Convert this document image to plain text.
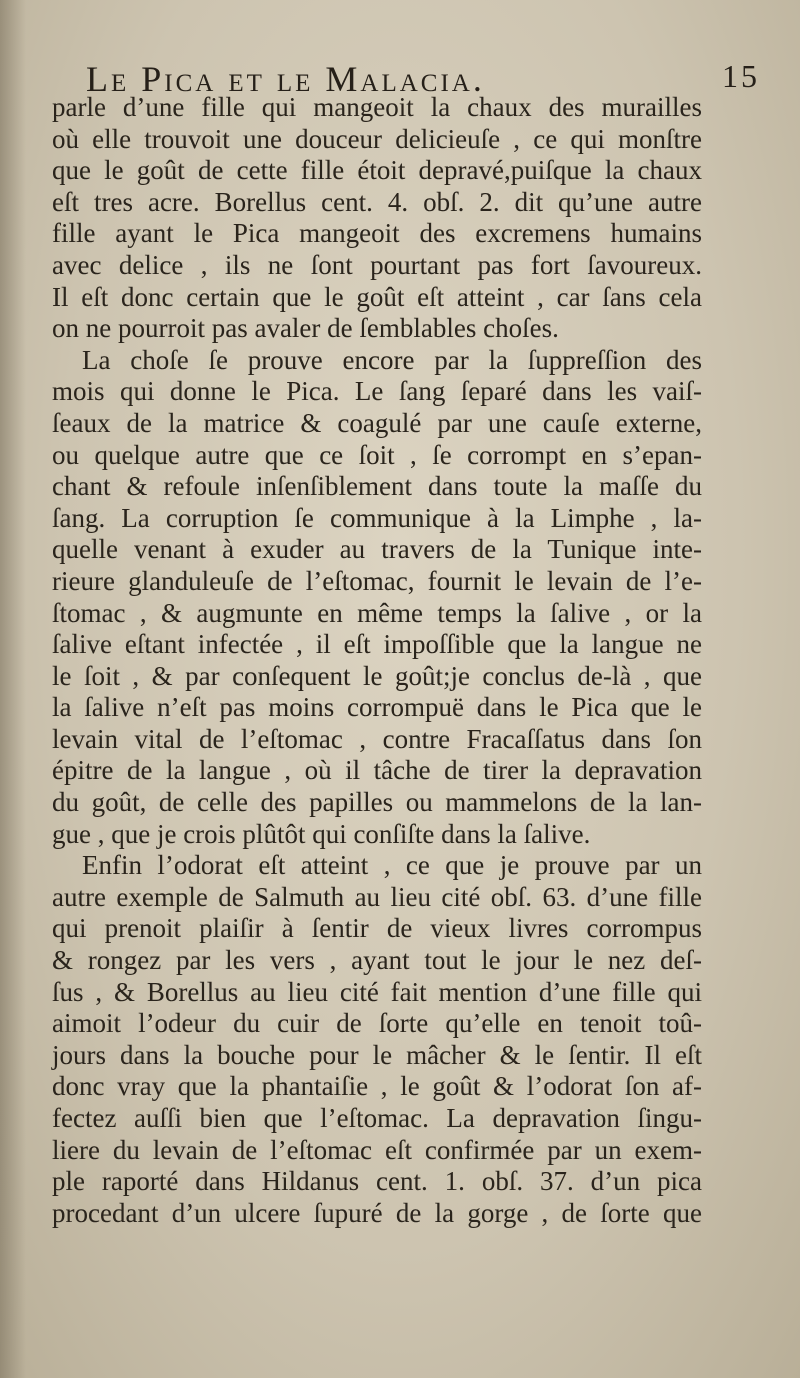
Le Pica et le Malacia.	15
parle d’une fille qui mangeoit la chaux des murailles
où elle trouvoit une douceur delicieuſe , ce qui monſtre
que le goût de cette fille étoit depravé,puiſque la chaux
eſt tres acre. Borellus cent. 4. obſ. 2. dit qu’une autre
fille ayant le Pica mangeoit des excremens humains
avec delice , ils ne ſont pourtant pas fort ſavoureux.
Il eſt donc certain que le goût eſt atteint , car ſans cela
on ne pourroit pas avaler de ſemblables choſes.
La choſe ſe prouve encore par la ſuppreſſion des
mois qui donne le Pica. Le ſang ſeparé dans les vaiſ-
ſeaux de la matrice & coagulé par une cauſe externe,
ou quelque autre que ce ſoit , ſe corrompt en s’epan-
chant & refoule inſenſiblement dans toute la maſſe du
ſang. La corruption ſe communique à la Limphe , la-
quelle venant à exuder au travers de la Tunique inte-
rieure glanduleuſe de l’eſtomac, fournit le levain de l’e-
ſtomac , & augmunte en même temps la ſalive , or la
ſalive eſtant infectée , il eſt impoſſible que la langue ne
le ſoit , & par conſequent le goût;je conclus de-là , que
la ſalive n’eſt pas moins corrompuë dans le Pica que le
levain vital de l’eſtomac , contre Fracaſſatus dans ſon
épitre de la langue , où il tâche de tirer la depravation
du goût, de celle des papilles ou mammelons de la lan-
gue , que je crois plûtôt qui conſiſte dans la ſalive.
Enfin l’odorat eſt atteint , ce que je prouve par un
autre exemple de Salmuth au lieu cité obſ. 63. d’une fille
qui prenoit plaiſir à ſentir de vieux livres corrompus
& rongez par les vers , ayant tout le jour le nez deſ-
ſus , & Borellus au lieu cité fait mention d’une fille qui
aimoit l’odeur du cuir de ſorte qu’elle en tenoit toû-
jours dans la bouche pour le mâcher & le ſentir. Il eſt
donc vray que la phantaiſie , le goût & l’odorat ſon af-
fectez auſſi bien que l’eſtomac. La depravation ſingu-
liere du levain de l’eſtomac eſt confirmée par un exem-
ple raporté dans Hildanus cent. 1. obſ. 37. d’un pica
procedant d’un ulcere ſupuré de la gorge , de ſorte que
